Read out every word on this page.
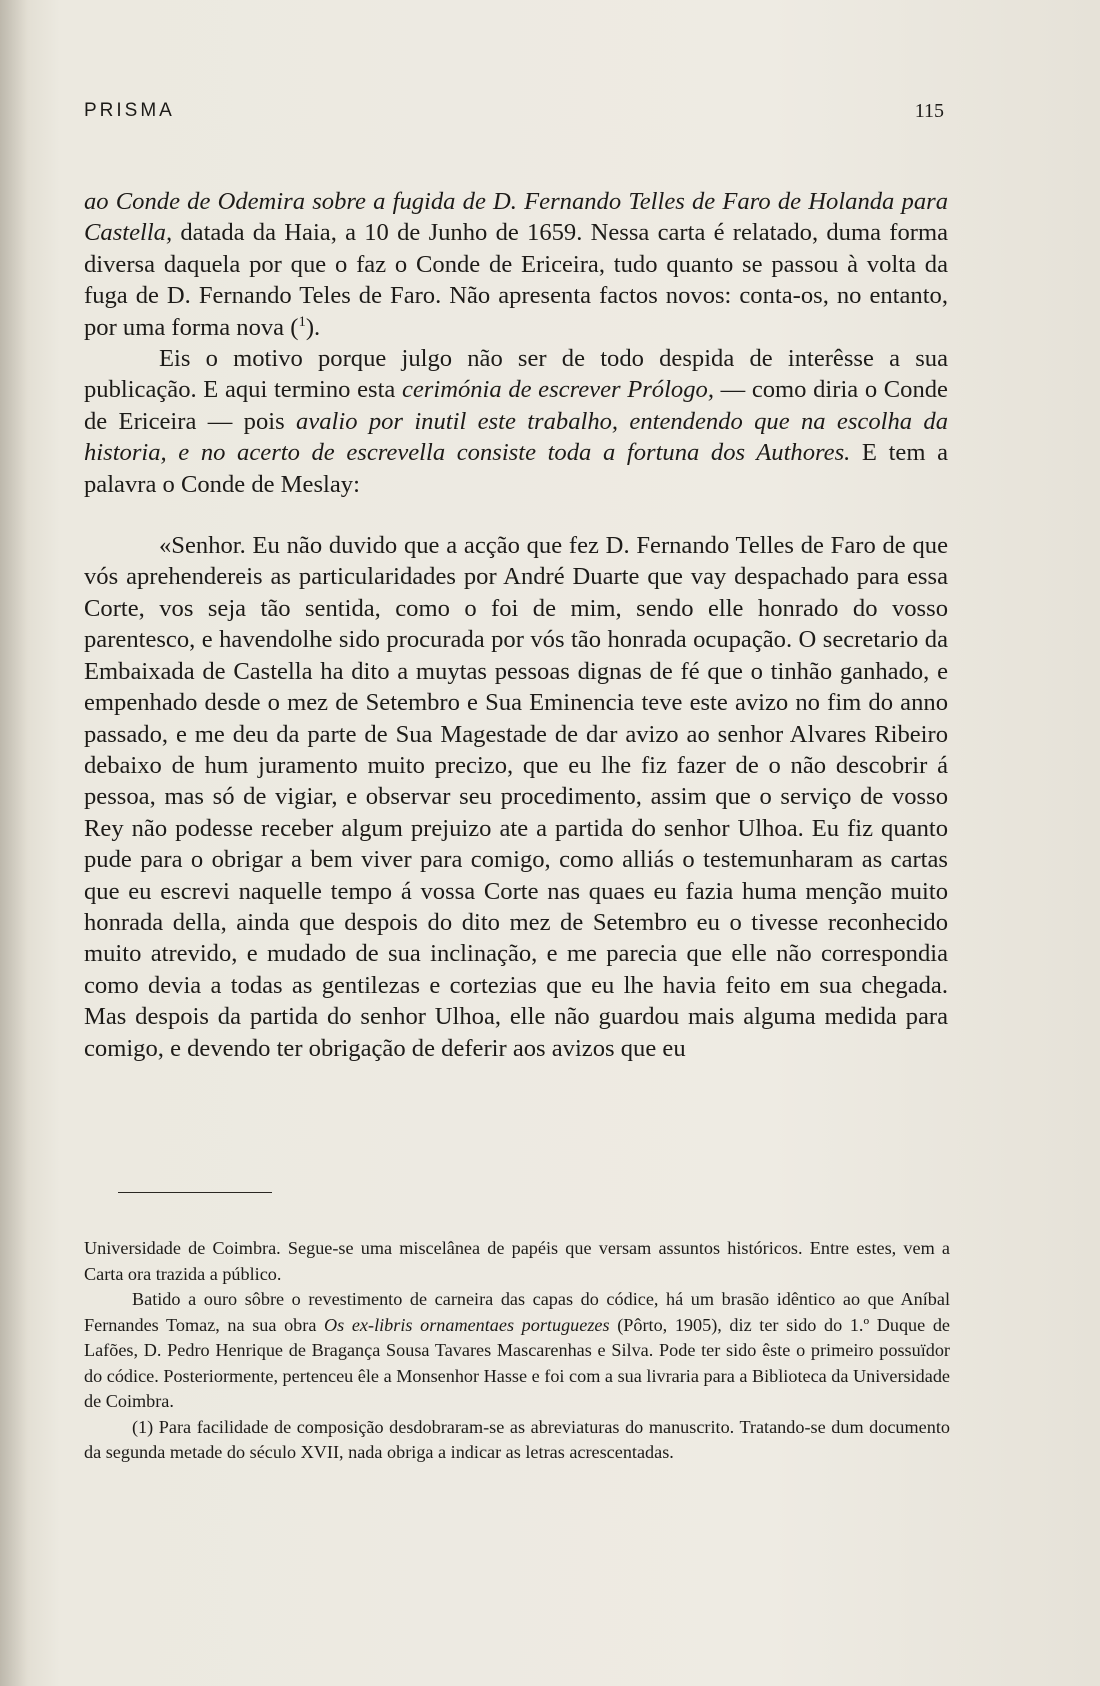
PRISMA	115

ao Conde de Odemira sobre a fugida de D. Fernando Telles de Faro de Holanda para Castella, datada da Haia, a 10 de Junho de 1659. Nessa carta é relatado, duma forma diversa daquela por que o faz o Conde de Ericeira, tudo quanto se passou à volta da fuga de D. Fernando Teles de Faro. Não apresenta factos novos: conta-os, no entanto, por uma forma nova ($^1$).

Eis o motivo porque julgo não ser de todo despida de interêsse a sua publicação. E aqui termino esta cerimónia de escrever Prólogo, — como diria o Conde de Ericeira — pois avalio por inutil este trabalho, entendendo que na escolha da historia, e no acerto de escrevella consiste toda a fortuna dos Authores. E tem a palavra o Conde de Meslay:

«Senhor. Eu não duvido que a acção que fez D. Fernando Telles de Faro de que vós aprehendereis as particularidades por André Duarte que vay despachado para essa Corte, vos seja tão sentida, como o foi de mim, sendo elle honrado do vosso parentesco, e havendolhe sido procurada por vós tão honrada ocupação. O secretario da Embaixada de Castella ha dito a muytas pessoas dignas de fé que o tinhão ganhado, e empenhado desde o mez de Setembro e Sua Eminencia teve este avizo no fim do anno passado, e me deu da parte de Sua Magestade de dar avizo ao senhor Alvares Ribeiro debaixo de hum juramento muito precizo, que eu lhe fiz fazer de o não descobrir á pessoa, mas só de vigiar, e observar seu procedimento, assim que o serviço de vosso Rey não podesse receber algum prejuizo ate a partida do senhor Ulhoa. Eu fiz quanto pude para o obrigar a bem viver para comigo, como alliás o testemunharam as cartas que eu escrevi naquelle tempo á vossa Corte nas quaes eu fazia huma menção muito honrada della, ainda que despois do dito mez de Setembro eu o tivesse reconhecido muito atrevido, e mudado de sua inclinação, e me parecia que elle não correspondia como devia a todas as gentilezas e cortezias que eu lhe havia feito em sua chegada. Mas despois da partida do senhor Ulhoa, elle não guardou mais alguma medida para comigo, e devendo ter obrigação de deferir aos avizos que eu

Universidade de Coimbra. Segue-se uma miscelânea de papéis que versam assuntos históricos. Entre estes, vem a Carta ora trazida a público.

Batido a ouro sôbre o revestimento de carneira das capas do códice, há um brasão idêntico ao que Aníbal Fernandes Tomaz, na sua obra Os ex-libris ornamentaes portuguezes (Pôrto, 1905), diz ter sido do 1.º Duque de Lafões, D. Pedro Henrique de Bragança Sousa Tavares Mascarenhas e Silva. Pode ter sido êste o primeiro possuïdor do códice. Posteriormente, pertenceu êle a Monsenhor Hasse e foi com a sua livraria para a Biblioteca da Universidade de Coimbra.

(1) Para facilidade de composição desdobraram-se as abreviaturas do manuscrito. Tratando-se dum documento da segunda metade do século XVII, nada obriga a indicar as letras acrescentadas.
